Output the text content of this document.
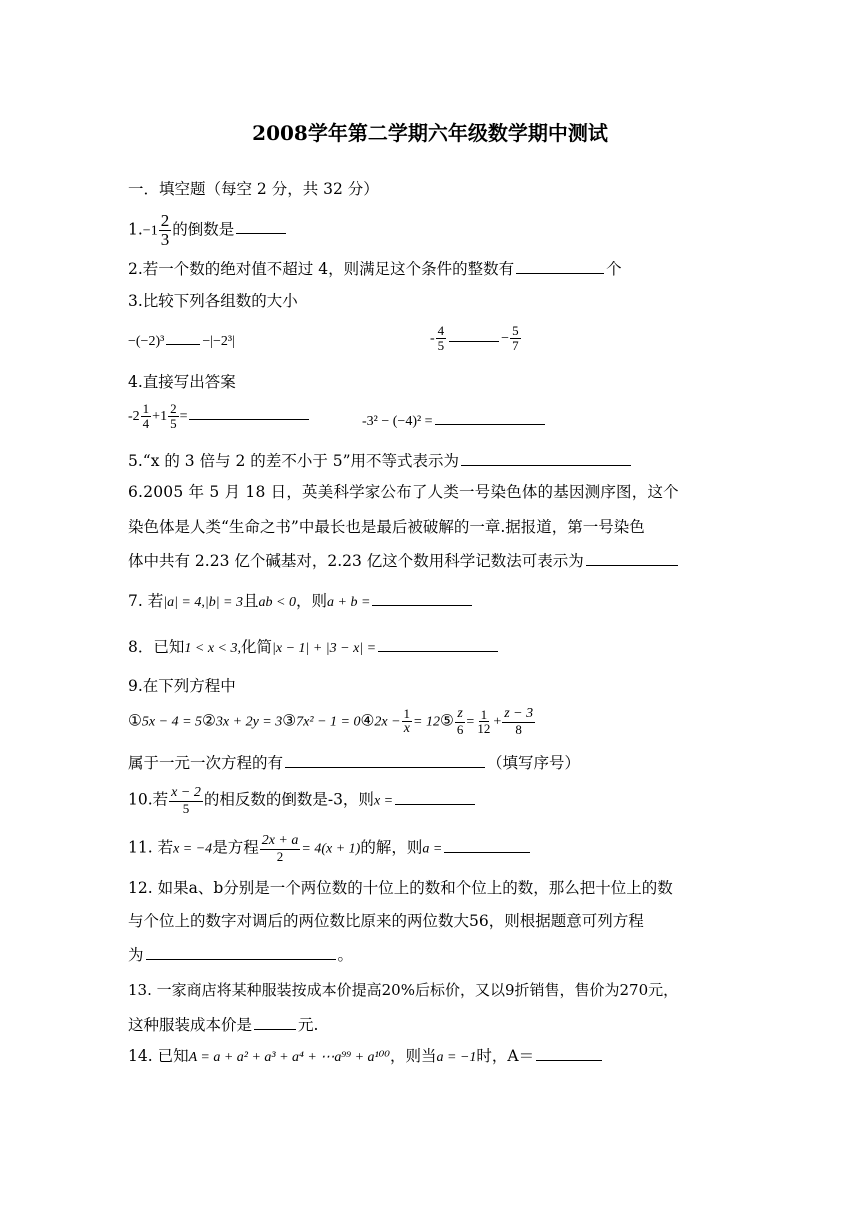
2008学年第二学期六年级数学期中测试
一．填空题（每空 2 分，共 32 分）
$1.-1 \frac{2}{3}$ 的倒数是
2.若一个数的绝对值不超过 4，则满足这个条件的整数有	个
3.比较下列各组数的大小
−(−2)³	−|−2³|	- $\frac{4}{5}$	− $\frac{5}{7}$
4.直接写出答案
$-2 \frac{1}{4} +1 \frac{2}{5}$ =	-3² − (−4)² =
5.“x 的 3 倍与 2 的差不小于 5”用不等式表示为
6.2005 年 5 月 18 日，英美科学家公布了人类一号染色体的基因测序图，这个
染色体是人类“生命之书”中最长也是最后被破解的一章.据报道，第一号染色
体中共有 2.23 亿个碱基对，2.23 亿这个数用科学记数法可表示为
7. 若|a| = 4,|b| = 3且ab < 0，则a + b =
8．已知1 < x < 3,化简|x − 1| + |3 − x| =
9.在下列方程中
①5x − 4 = 5②3x + 2y = 3③7x² − 1 = 0④2x − $\frac{1}{x}$ = 12⑤ $\frac{z}{6} = \frac{1}{12} + \frac{z - 3}{8}$
属于一元一次方程的有	（填写序号）
10.若 $\frac{x - 2}{5}$ 的相反数的倒数是-3，则x =
11. 若x = −4是方程 $\frac{2x + a}{2} = 4(x + 1)$的解，则a =
12. 如果a、b分别是一个两位数的十位上的数和个位上的数，那么把十位上的数
与个位上的数字对调后的两位数比原来的两位数大56，则根据题意可列方程
为	。
13. 一家商店将某种服装按成本价提高20%后标价，又以9折销售，售价为270元，
这种服装成本价是	元.
14. 已知A = a + a² + a³ + a⁴ + ⋯a⁹⁹ + a¹⁰⁰，则当a = −1时，A＝
